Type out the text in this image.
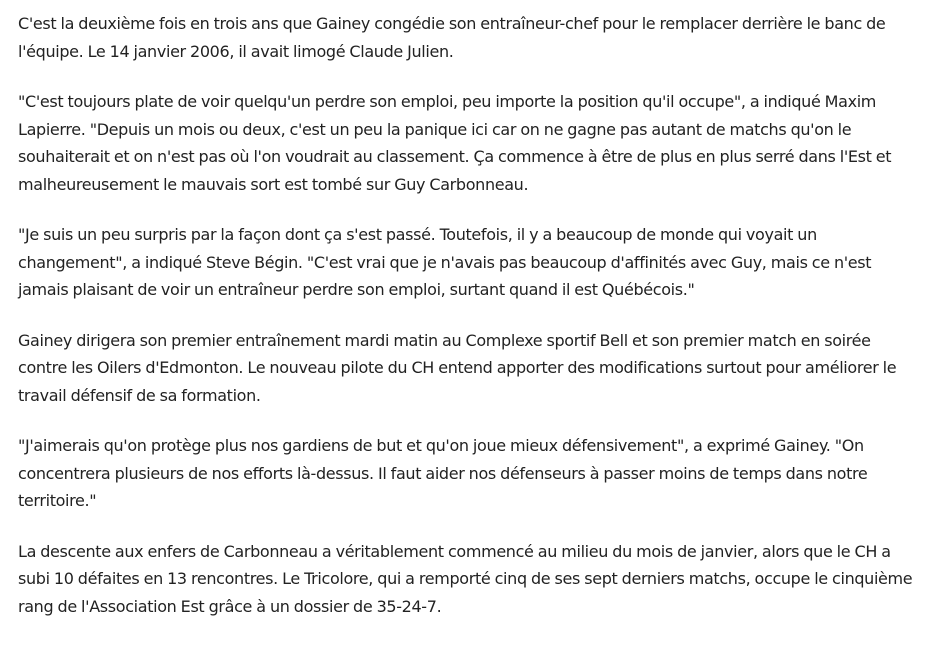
C'est la deuxième fois en trois ans que Gainey congédie son entraîneur-chef pour le remplacer derrière le banc de l'équipe. Le 14 janvier 2006, il avait limogé Claude Julien.

"C'est toujours plate de voir quelqu'un perdre son emploi, peu importe la position qu'il occupe", a indiqué Maxim Lapierre. "Depuis un mois ou deux, c'est un peu la panique ici car on ne gagne pas autant de matchs qu'on le souhaiterait et on n'est pas où l'on voudrait au classement. Ça commence à être de plus en plus serré dans l'Est et malheureusement le mauvais sort est tombé sur Guy Carbonneau.

"Je suis un peu surpris par la façon dont ça s'est passé. Toutefois, il y a beaucoup de monde qui voyait un changement", a indiqué Steve Bégin. "C'est vrai que je n'avais pas beaucoup d'affinités avec Guy, mais ce n'est jamais plaisant de voir un entraîneur perdre son emploi, surtant quand il est Québécois."

Gainey dirigera son premier entraînement mardi matin au Complexe sportif Bell et son premier match en soirée contre les Oilers d'Edmonton. Le nouveau pilote du CH entend apporter des modifications surtout pour améliorer le travail défensif de sa formation.

"J'aimerais qu'on protège plus nos gardiens de but et qu'on joue mieux défensivement", a exprimé Gainey. "On concentrera plusieurs de nos efforts là-dessus. Il faut aider nos défenseurs à passer moins de temps dans notre territoire."

La descente aux enfers de Carbonneau a véritablement commencé au milieu du mois de janvier, alors que le CH a subi 10 défaites en 13 rencontres. Le Tricolore, qui a remporté cinq de ses sept derniers matchs, occupe le cinquième rang de l'Association Est grâce à un dossier de 35-24-7.
